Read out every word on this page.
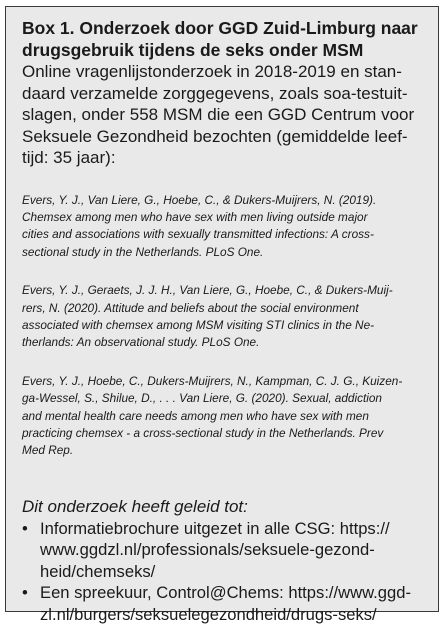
Box 1. Onderzoek door GGD Zuid-Limburg naar
drugsgebruik tijdens de seks onder MSM
Online vragenlijstonderzoek in 2018-2019 en stan-
daard verzamelde zorggegevens, zoals soa-testuit-
slagen, onder 558 MSM die een GGD Centrum voor
Seksuele Gezondheid bezochten (gemiddelde leef-
tijd: 35 jaar):
Evers, Y. J., Van Liere, G., Hoebe, C., & Dukers-Muijrers, N. (2019).
Chemsex among men who have sex with men living outside major
cities and associations with sexually transmitted infections: A cross-
sectional study in the Netherlands. PLoS One.
Evers, Y. J., Geraets, J. J. H., Van Liere, G., Hoebe, C., & Dukers-Muij-
rers, N. (2020). Attitude and beliefs about the social environment
associated with chemsex among MSM visiting STI clinics in the Ne-
therlands: An observational study. PLoS One.
Evers, Y. J., Hoebe, C., Dukers-Muijrers, N., Kampman, C. J. G., Kuizen-
ga-Wessel, S., Shilue, D., . . . Van Liere, G. (2020). Sexual, addiction
and mental health care needs among men who have sex with men
practicing chemsex - a cross-sectional study in the Netherlands. Prev
Med Rep.
Dit onderzoek heeft geleid tot:
• Informatiebrochure uitgezet in alle CSG: https://
www.ggdzl.nl/professionals/seksuele-gezond-
heid/chemseks/
• Een spreekuur, Control@Chems: https://www.ggd-
zl.nl/burgers/seksuelegezondheid/drugs-seks/
